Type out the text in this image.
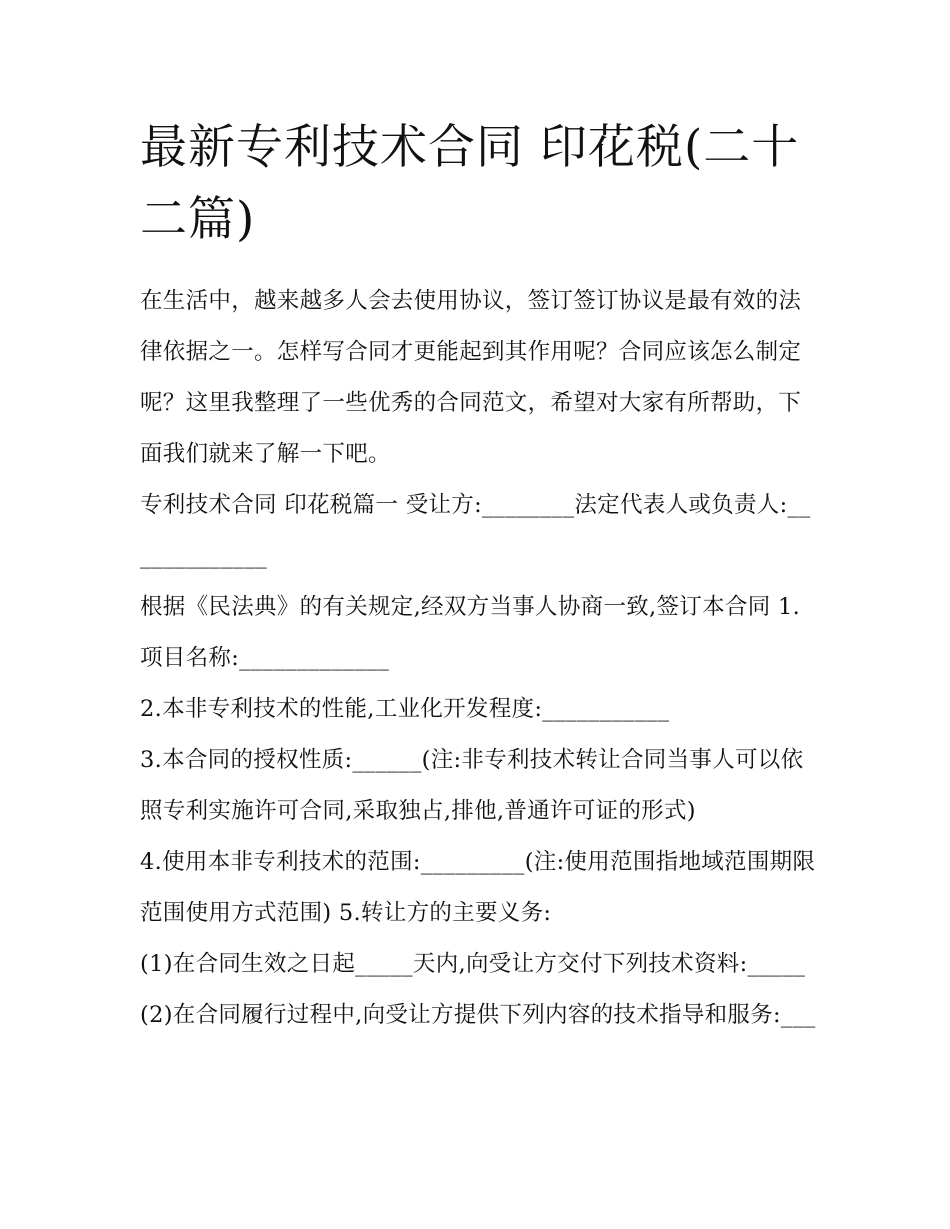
最新专利技术合同 印花税(二十二篇)

在生活中，越来越多人会去使用协议，签订签订协议是最有效的法律依据之一。怎样写合同才更能起到其作用呢？合同应该怎么制定呢？这里我整理了一些优秀的合同范文，希望对大家有所帮助，下面我们就来了解一下吧。

专利技术合同 印花税篇一 受让方:________法定代表人或负责人:_____________

根据《民法典》的有关规定,经双方当事人协商一致,签订本合同 1.项目名称:_____________

2.本非专利技术的性能,工业化开发程度:___________

3.本合同的授权性质:______(注:非专利技术转让合同当事人可以依照专利实施许可合同,采取独占,排他,普通许可证的形式)

4.使用本非专利技术的范围:_________(注:使用范围指地域范围期限范围使用方式范围) 5.转让方的主要义务:

(1)在合同生效之日起_____天内,向受让方交付下列技术资料:_____ (2)在合同履行过程中,向受让方提供下列内容的技术指导和服务:___
